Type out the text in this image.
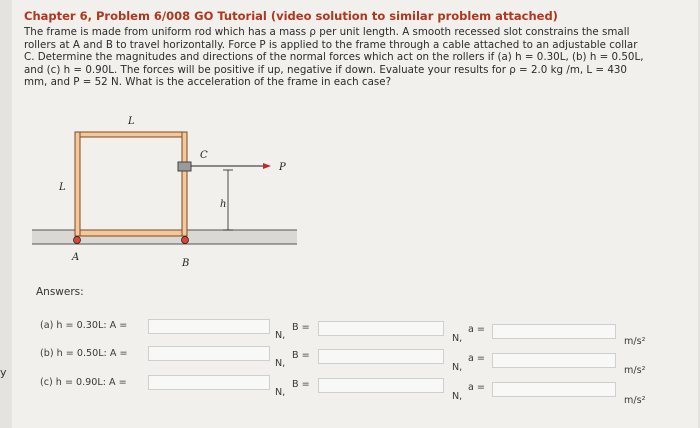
y
Chapter 6, Problem 6/008 GO Tutorial (video solution to similar problem attached)
The frame is made from uniform rod which has a mass ρ per unit length. A smooth recessed slot constrains the small
rollers at A and B to travel horizontally. Force P is applied to the frame through a cable attached to an adjustable collar
C. Determine the magnitudes and directions of the normal forces which act on the rollers if (a) h = 0.30L, (b) h = 0.50L,
and (c) h = 0.90L. The forces will be positive if up, negative if down. Evaluate your results for ρ = 2.0 kg /m, L = 430
mm, and P = 52 N. What is the acceleration of the frame in each case?
L
L
C
P
h
A
B
Answers:
(a) h = 0.30L: A =
N,
B =
N,
a =
m/s²
(b) h = 0.50L: A =
N,
B =
N,
a =
m/s²
(c) h = 0.90L: A =
N,
B =
N,
a =
m/s²
